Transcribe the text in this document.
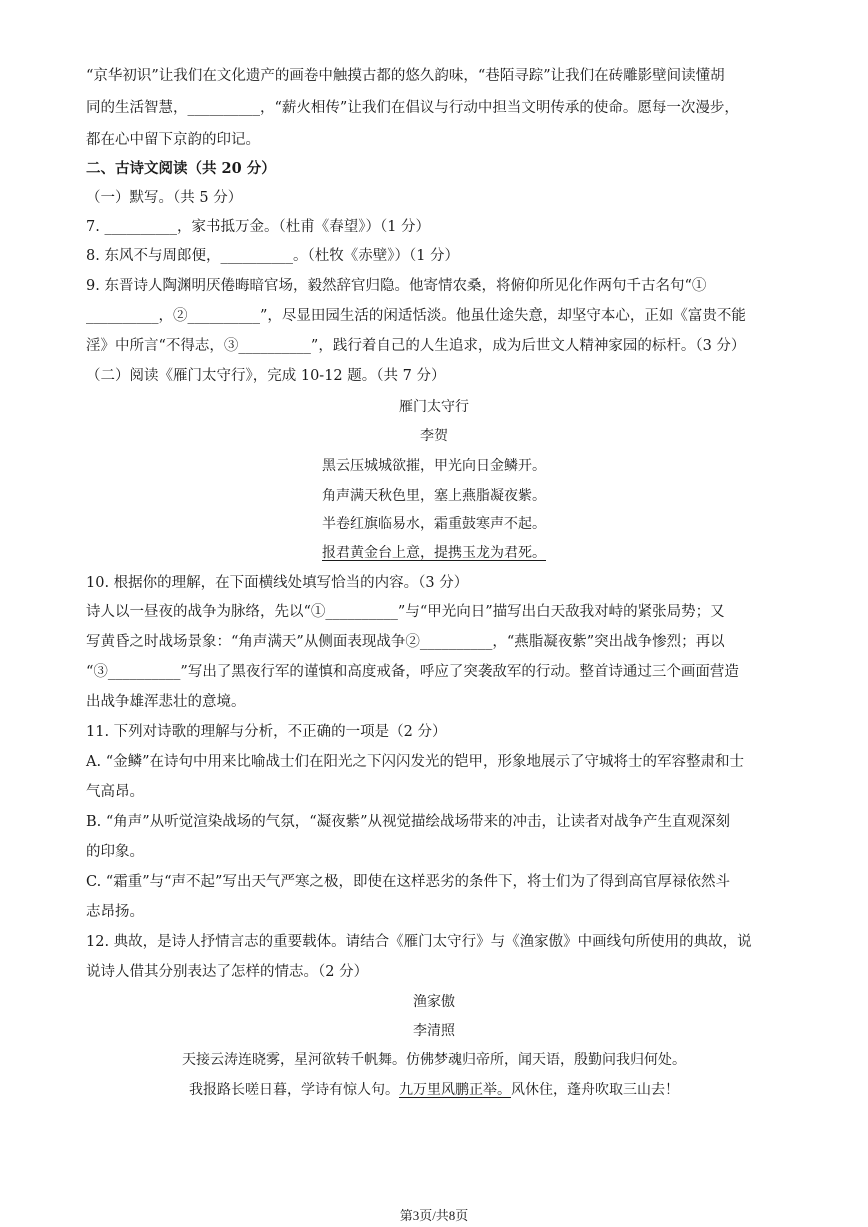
“京华初识”让我们在文化遗产的画卷中触摸古都的悠久韵味，“巷陌寻踪”让我们在砖雕影壁间读懂胡
同的生活智慧，__________，“薪火相传”让我们在倡议与行动中担当文明传承的使命。愿每一次漫步，
都在心中留下京韵的印记。
二、古诗文阅读（共 20 分）
（一）默写。（共 5 分）
7. __________，家书抵万金。（杜甫《春望》）（1 分）
8. 东风不与周郎便，__________。（杜牧《赤壁》）（1 分）
9. 东晋诗人陶渊明厌倦晦暗官场，毅然辞官归隐。他寄情农桑，将俯仰所见化作两句千古名句“①
__________，②__________”，尽显田园生活的闲适恬淡。他虽仕途失意，却坚守本心，正如《富贵不能
淫》中所言“不得志，③__________”，践行着自己的人生追求，成为后世文人精神家园的标杆。（3 分）
（二）阅读《雁门太守行》，完成 10-12 题。（共 7 分）
雁门太守行
李贺
黑云压城城欲摧，甲光向日金鳞开。
角声满天秋色里，塞上燕脂凝夜紫。
半卷红旗临易水，霜重鼓寒声不起。
报君黄金台上意，提携玉龙为君死。
10. 根据你的理解，在下面横线处填写恰当的内容。（3 分）
诗人以一昼夜的战争为脉络，先以“①__________”与“甲光向日”描写出白天敌我对峙的紧张局势；又
写黄昏之时战场景象：“角声满天”从侧面表现战争②__________，“燕脂凝夜紫”突出战争惨烈；再以
“③__________”写出了黑夜行军的谨慎和高度戒备，呼应了突袭敌军的行动。整首诗通过三个画面营造
出战争雄浑悲壮的意境。
11. 下列对诗歌的理解与分析，不正确的一项是（2 分）
A. “金鳞”在诗句中用来比喻战士们在阳光之下闪闪发光的铠甲，形象地展示了守城将士的军容整肃和士
气高昂。
B. “角声”从听觉渲染战场的气氛，“凝夜紫”从视觉描绘战场带来的冲击，让读者对战争产生直观深刻
的印象。
C. “霜重”与“声不起”写出天气严寒之极，即使在这样恶劣的条件下，将士们为了得到高官厚禄依然斗
志昂扬。
12. 典故，是诗人抒情言志的重要载体。请结合《雁门太守行》与《渔家傲》中画线句所使用的典故，说
说诗人借其分别表达了怎样的情志。（2 分）
渔家傲
李清照
天接云涛连晓雾，星河欲转千帆舞。仿佛梦魂归帝所，闻天语，殷勤问我归何处。
我报路长嗟日暮，学诗有惊人句。九万里风鹏正举。风休住，蓬舟吹取三山去！
第3页/共8页
